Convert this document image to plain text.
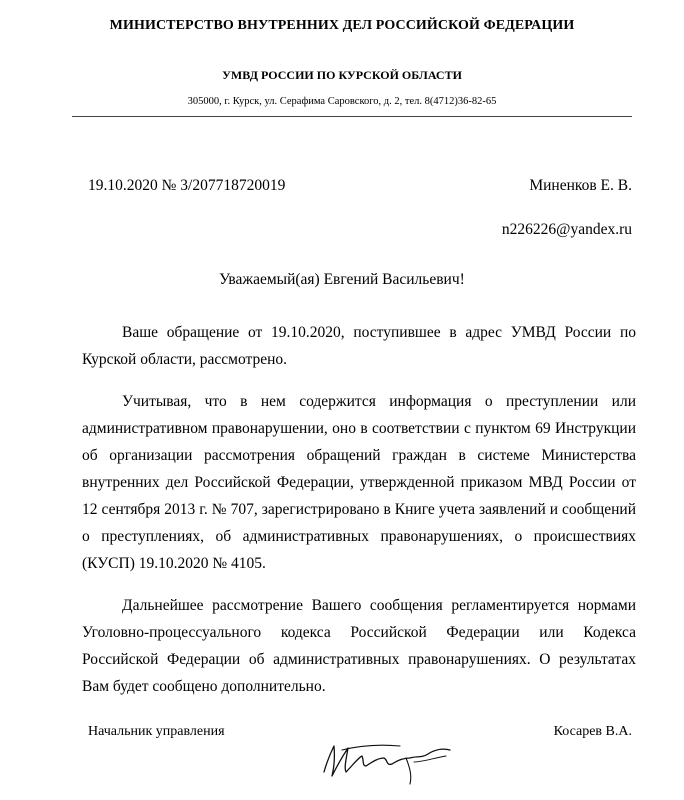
МИНИСТЕРСТВО ВНУТРЕННИХ ДЕЛ РОССИЙСКОЙ ФЕДЕРАЦИИ
УМВД РОССИИ ПО КУРСКОЙ ОБЛАСТИ
305000, г. Курск, ул. Серафима Саровского, д. 2, тел. 8(4712)36-82-65
19.10.2020 № 3/207718720019	Миненков Е. В.
n226226@yandex.ru
Уважаемый(ая) Евгений Васильевич!

Ваше обращение от 19.10.2020, поступившее в адрес УМВД России по Курской области, рассмотрено.

Учитывая, что в нем содержится информация о преступлении или административном правонарушении, оно в соответствии с пунктом 69 Инструкции об организации рассмотрения обращений граждан в системе Министерства внутренних дел Российской Федерации, утвержденной приказом МВД России от 12 сентября 2013 г. № 707, зарегистрировано в Книге учета заявлений и сообщений о преступлениях, об административных правонарушениях, о происшествиях (КУСП) 19.10.2020 № 4105.

Дальнейшее рассмотрение Вашего сообщения регламентируется нормами Уголовно-процессуального кодекса Российской Федерации или Кодекса Российской Федерации об административных правонарушениях. О результатах Вам будет сообщено дополнительно.

Начальник управления	Косарев В.А.
